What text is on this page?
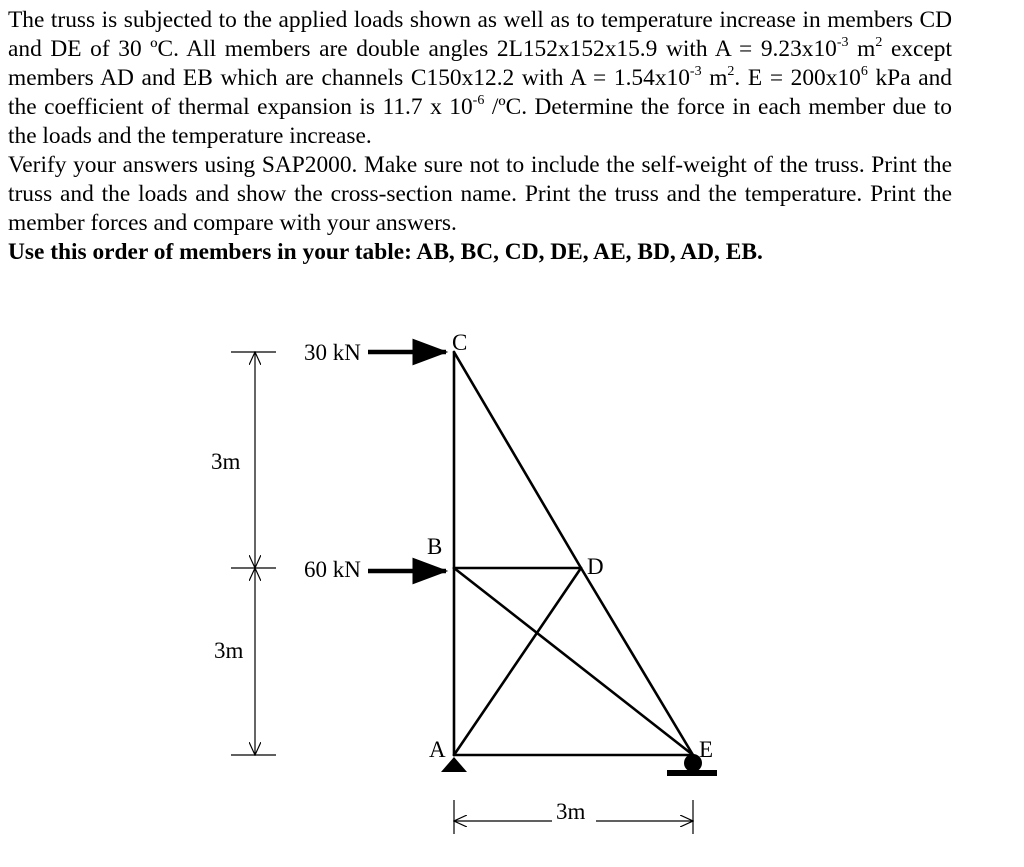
The truss is subjected to the applied loads shown as well as to temperature increase in members CD and DE of 30 ºC. All members are double angles 2L152x152x15.9 with $A = 9.23x10^{-3}$ $m^2$ except members AD and EB which are channels C150x12.2 with $A = 1.54x10^{-3}$ $m^2$. $E = 200x10^6$ kPa and the coefficient of thermal expansion is 11.7 x $10^{-6}$ /ºC. Determine the force in each member due to the loads and the temperature increase.

Verify your answers using SAP2000. Make sure not to include the self-weight of the truss. Print the truss and the loads and show the cross-section name. Print the truss and the temperature. Print the member forces and compare with your answers.

Use this order of members in your table: AB, BC, CD, DE, AE, BD, AD, EB.

30 kN
60 kN
C
B
D
A	E
3m
3m
3m
